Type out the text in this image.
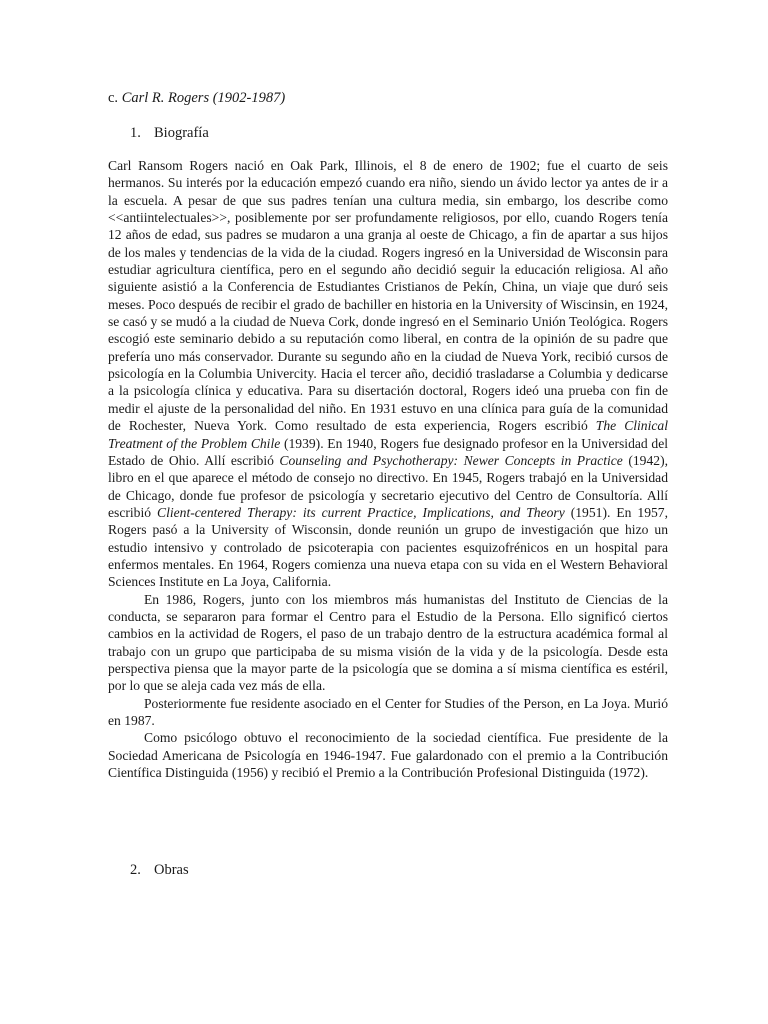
c. Carl R. Rogers (1902-1987)
1. Biografía

Carl Ransom Rogers nació en Oak Park, Illinois, el 8 de enero de 1902; fue el cuarto de seis hermanos. Su interés por la educación empezó cuando era niño, siendo un ávido lector ya antes de ir a la escuela. A pesar de que sus padres tenían una cultura media, sin embargo, los describe como <<antiintelectuales>>, posiblemente por ser profundamente religiosos, por ello, cuando Rogers tenía 12 años de edad, sus padres se mudaron a una granja al oeste de Chicago, a fin de apartar a sus hijos de los males y tendencias de la vida de la ciudad. Rogers ingresó en la Universidad de Wisconsin para estudiar agricultura científica, pero en el segundo año decidió seguir la educación religiosa. Al año siguiente asistió a la Conferencia de Estudiantes Cristianos de Pekín, China, un viaje que duró seis meses. Poco después de recibir el grado de bachiller en historia en la University of Wiscinsin, en 1924, se casó y se mudó a la ciudad de Nueva Cork, donde ingresó en el Seminario Unión Teológica. Rogers escogió este seminario debido a su reputación como liberal, en contra de la opinión de su padre que prefería uno más conservador. Durante su segundo año en la ciudad de Nueva York, recibió cursos de psicología en la Columbia Univercity. Hacia el tercer año, decidió trasladarse a Columbia y dedicarse a la psicología clínica y educativa. Para su disertación doctoral, Rogers ideó una prueba con fin de medir el ajuste de la personalidad del niño. En 1931 estuvo en una clínica para guía de la comunidad de Rochester, Nueva York. Como resultado de esta experiencia, Rogers escribió The Clinical Treatment of the Problem Chile (1939). En 1940, Rogers fue designado profesor en la Universidad del Estado de Ohio. Allí escribió Counseling and Psychotherapy: Newer Concepts in Practice (1942), libro en el que aparece el método de consejo no directivo. En 1945, Rogers trabajó en la Universidad de Chicago, donde fue profesor de psicología y secretario ejecutivo del Centro de Consultoría. Allí escribió Client-centered Therapy: its current Practice, Implications, and Theory (1951). En 1957, Rogers pasó a la University of Wisconsin, donde reunión un grupo de investigación que hizo un estudio intensivo y controlado de psicoterapia con pacientes esquizofrénicos en un hospital para enfermos mentales. En 1964, Rogers comienza una nueva etapa con su vida en el Western Behavioral Sciences Institute en La Joya, California.

En 1986, Rogers, junto con los miembros más humanistas del Instituto de Ciencias de la conducta, se separaron para formar el Centro para el Estudio de la Persona. Ello significó ciertos cambios en la actividad de Rogers, el paso de un trabajo dentro de la estructura académica formal al trabajo con un grupo que participaba de su misma visión de la vida y de la psicología. Desde esta perspectiva piensa que la mayor parte de la psicología que se domina a sí misma científica es estéril, por lo que se aleja cada vez más de ella.

Posteriormente fue residente asociado en el Center for Studies of the Person, en La Joya. Murió en 1987.

Como psicólogo obtuvo el reconocimiento de la sociedad científica. Fue presidente de la Sociedad Americana de Psicología en 1946-1947. Fue galardonado con el premio a la Contribución Científica Distinguida (1956) y recibió el Premio a la Contribución Profesional Distinguida (1972).

2. Obras
